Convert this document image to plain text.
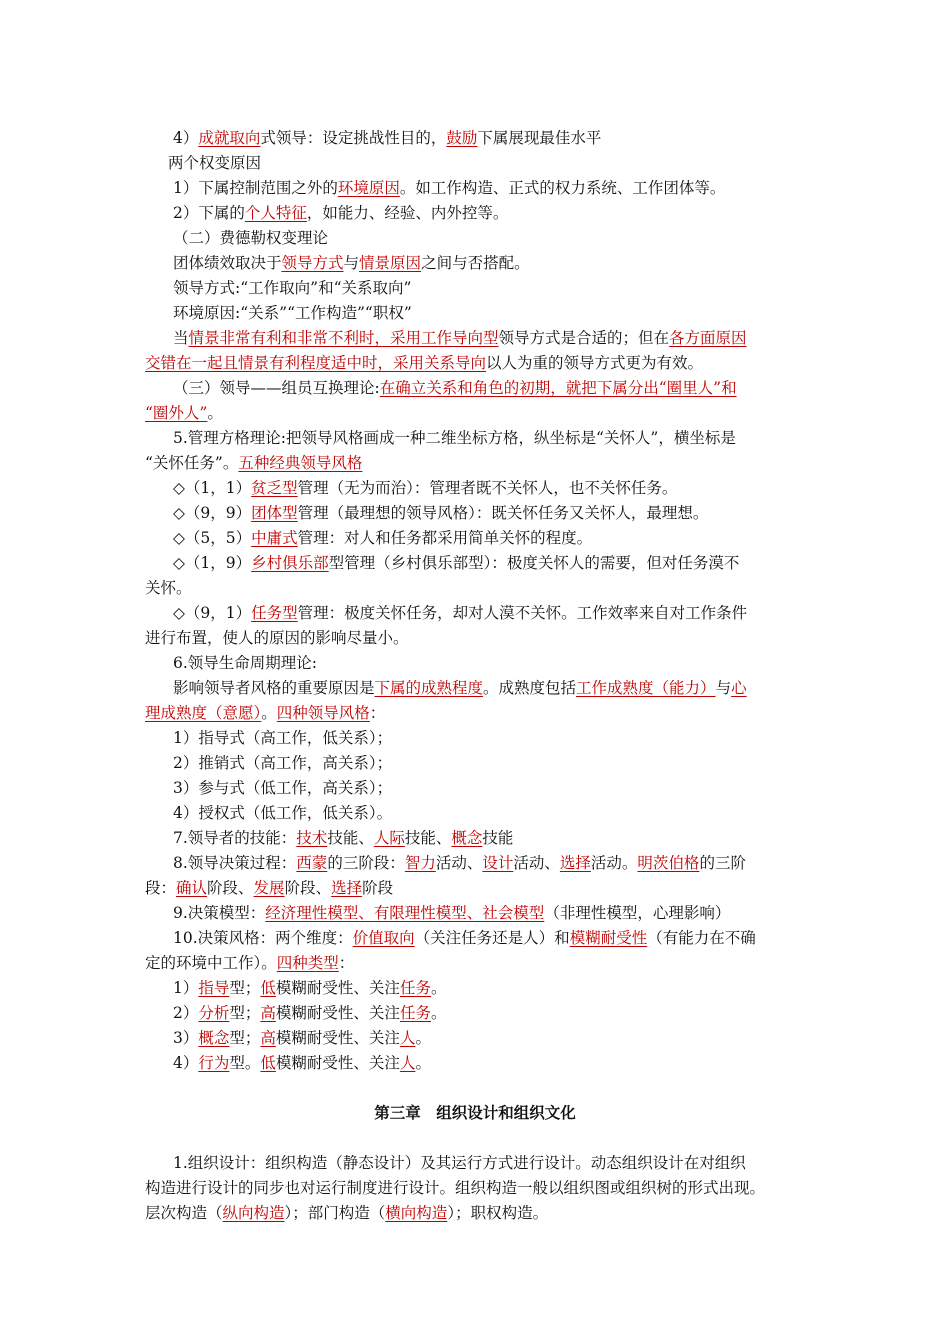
4）成就取向式领导：设定挑战性目的，鼓励下属展现最佳水平
两个权变原因
1）下属控制范围之外的环境原因。如工作构造、正式的权力系统、工作团体等。
2）下属的个人特征，如能力、经验、内外控等。
（二）费德勒权变理论
团体绩效取决于领导方式与情景原因之间与否搭配。
领导方式:“工作取向”和“关系取向”
环境原因:“关系”“工作构造”“职权”
当情景非常有利和非常不利时，采用工作导向型领导方式是合适的；但在各方面原因
交错在一起且情景有利程度适中时，采用关系导向以人为重的领导方式更为有效。
（三）领导——组员互换理论:在确立关系和角色的初期，就把下属分出“圈里人”和
“圈外人”。
5.管理方格理论:把领导风格画成一种二维坐标方格，纵坐标是“关怀人”，横坐标是
“关怀任务”。五种经典领导风格
◇（1，1）贫乏型管理（无为而治）：管理者既不关怀人，也不关怀任务。
◇（9，9）团体型管理（最理想的领导风格）：既关怀任务又关怀人，最理想。
◇（5，5）中庸式管理：对人和任务都采用简单关怀的程度。
◇（1，9）乡村俱乐部型管理（乡村俱乐部型）：极度关怀人的需要，但对任务漠不
关怀。
◇（9，1）任务型管理：极度关怀任务，却对人漠不关怀。工作效率来自对工作条件
进行布置，使人的原因的影响尽量小。
6.领导生命周期理论:
影响领导者风格的重要原因是下属的成熟程度。成熟度包括工作成熟度（能力）与心
理成熟度（意愿）。四种领导风格：
1）指导式（高工作，低关系）；
2）推销式（高工作，高关系）；
3）参与式（低工作，高关系）；
4）授权式（低工作，低关系）。
7.领导者的技能：技术技能、人际技能、概念技能
8.领导决策过程：西蒙的三阶段：智力活动、设计活动、选择活动。明茨伯格的三阶
段：确认阶段、发展阶段、选择阶段
9.决策模型：经济理性模型、有限理性模型、社会模型（非理性模型，心理影响）
10.决策风格：两个维度：价值取向（关注任务还是人）和模糊耐受性（有能力在不确
定的环境中工作）。四种类型：
1）指导型；低模糊耐受性、关注任务。
2）分析型；高模糊耐受性、关注任务。
3）概念型；高模糊耐受性、关注人。
4）行为型。低模糊耐受性、关注人。
第三章　组织设计和组织文化
1.组织设计：组织构造（静态设计）及其运行方式进行设计。动态组织设计在对组织
构造进行设计的同步也对运行制度进行设计。组织构造一般以组织图或组织树的形式出现。
层次构造（纵向构造）；部门构造（横向构造）；职权构造。
